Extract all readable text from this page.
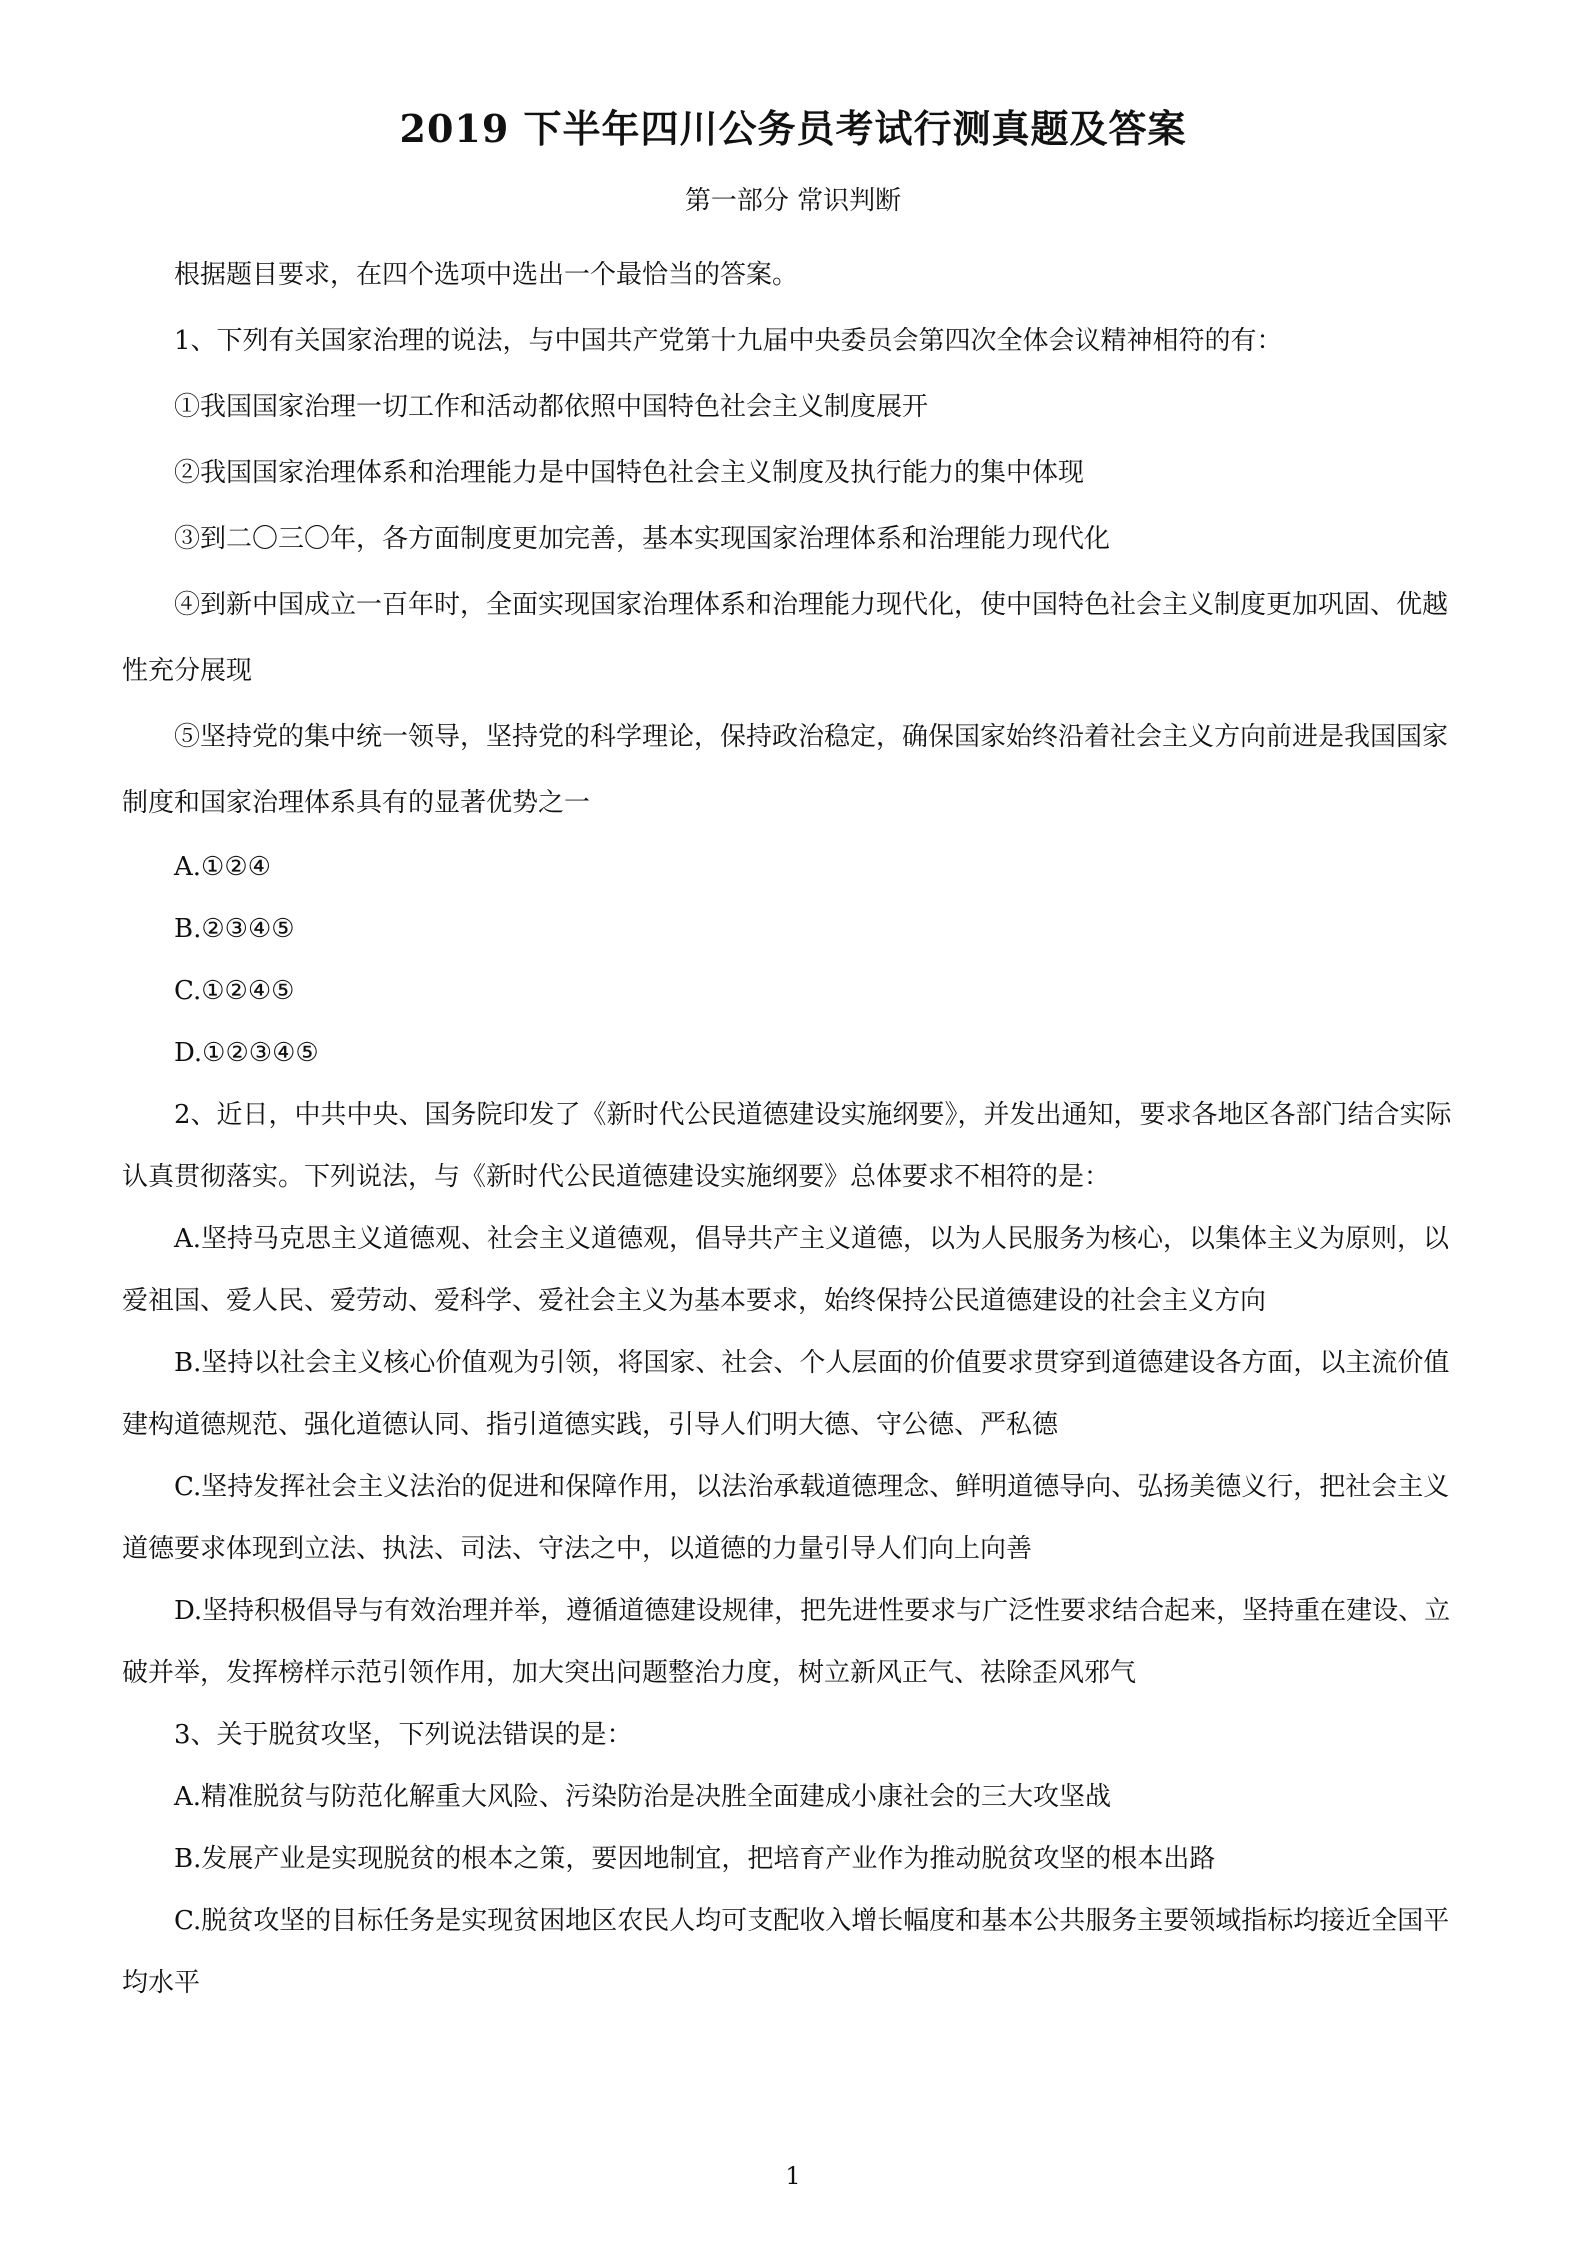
2019 下半年四川公务员考试行测真题及答案
第一部分 常识判断

根据题目要求，在四个选项中选出一个最恰当的答案。

1、下列有关国家治理的说法，与中国共产党第十九届中央委员会第四次全体会议精神相符的有：

①我国国家治理一切工作和活动都依照中国特色社会主义制度展开

②我国国家治理体系和治理能力是中国特色社会主义制度及执行能力的集中体现

③到二〇三〇年，各方面制度更加完善，基本实现国家治理体系和治理能力现代化

④到新中国成立一百年时，全面实现国家治理体系和治理能力现代化，使中国特色社会主义制度更加巩固、优越性充分展现

⑤坚持党的集中统一领导，坚持党的科学理论，保持政治稳定，确保国家始终沿着社会主义方向前进是我国国家制度和国家治理体系具有的显著优势之一

A.①②④

B.②③④⑤

C.①②④⑤

D.①②③④⑤

2、近日，中共中央、国务院印发了《新时代公民道德建设实施纲要》，并发出通知，要求各地区各部门结合实际认真贯彻落实。下列说法，与《新时代公民道德建设实施纲要》总体要求不相符的是：

A.坚持马克思主义道德观、社会主义道德观，倡导共产主义道德，以为人民服务为核心，以集体主义为原则，以爱祖国、爱人民、爱劳动、爱科学、爱社会主义为基本要求，始终保持公民道德建设的社会主义方向

B.坚持以社会主义核心价值观为引领，将国家、社会、个人层面的价值要求贯穿到道德建设各方面，以主流价值建构道德规范、强化道德认同、指引道德实践，引导人们明大德、守公德、严私德

C.坚持发挥社会主义法治的促进和保障作用，以法治承载道德理念、鲜明道德导向、弘扬美德义行，把社会主义道德要求体现到立法、执法、司法、守法之中，以道德的力量引导人们向上向善

D.坚持积极倡导与有效治理并举，遵循道德建设规律，把先进性要求与广泛性要求结合起来，坚持重在建设、立破并举，发挥榜样示范引领作用，加大突出问题整治力度，树立新风正气、祛除歪风邪气

3、关于脱贫攻坚，下列说法错误的是：

A.精准脱贫与防范化解重大风险、污染防治是决胜全面建成小康社会的三大攻坚战

B.发展产业是实现脱贫的根本之策，要因地制宜，把培育产业作为推动脱贫攻坚的根本出路

C.脱贫攻坚的目标任务是实现贫困地区农民人均可支配收入增长幅度和基本公共服务主要领域指标均接近全国平均水平

1
